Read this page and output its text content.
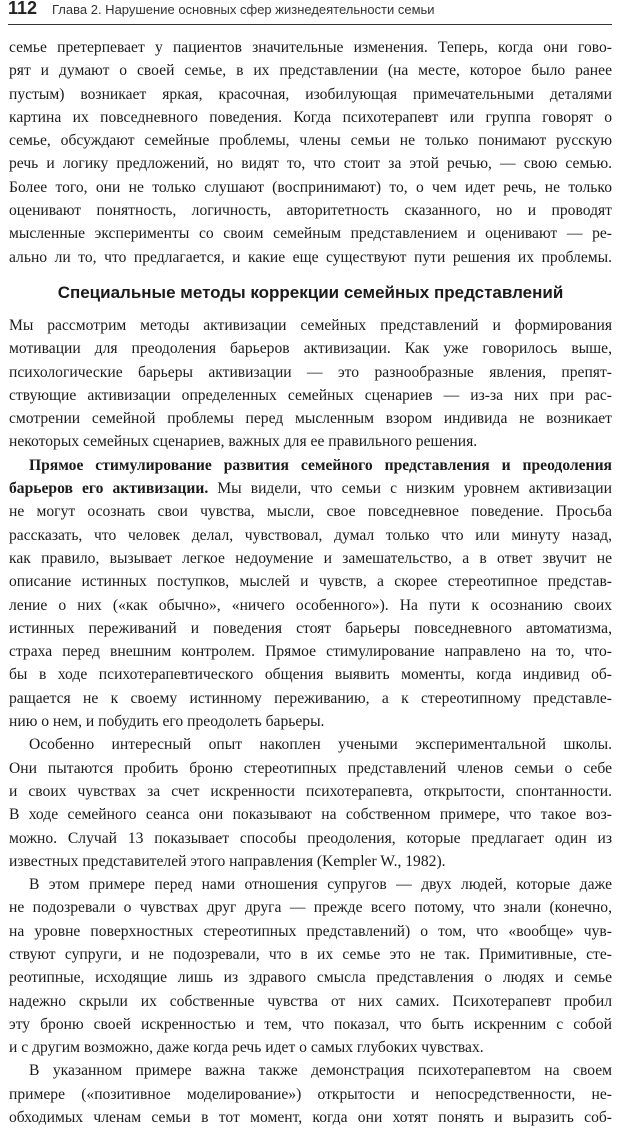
112 Глава 2. Нарушение основных сфер жизнедеятельности семьи
семье претерпевает у пациентов значительные изменения. Теперь, когда они гово-
рят и думают о своей семье, в их представлении (на месте, которое было ранее
пустым) возникает яркая, красочная, изобилующая примечательными деталями
картина их повседневного поведения. Когда психотерапевт или группа говорят о
семье, обсуждают семейные проблемы, члены семьи не только понимают русскую
речь и логику предложений, но видят то, что стоит за этой речью, — свою семью.
Более того, они не только слушают (воспринимают) то, о чем идет речь, не только
оценивают понятность, логичность, авторитетность сказанного, но и проводят
мысленные эксперименты со своим семейным представлением и оценивают — ре-
ально ли то, что предлагается, и какие еще существуют пути решения их проблемы.
Специальные методы коррекции семейных представлений
Мы рассмотрим методы активизации семейных представлений и формирования
мотивации для преодоления барьеров активизации. Как уже говорилось выше,
психологические барьеры активизации — это разнообразные явления, препят-
ствующие активизации определенных семейных сценариев — из-за них при рас-
смотрении семейной проблемы перед мысленным взором индивида не возникает
некоторых семейных сценариев, важных для ее правильного решения.
Прямое стимулирование развития семейного представления и преодоления
барьеров его активизации. Мы видели, что семьи с низким уровнем активизации
не могут осознать свои чувства, мысли, свое повседневное поведение. Просьба
рассказать, что человек делал, чувствовал, думал только что или минуту назад,
как правило, вызывает легкое недоумение и замешательство, а в ответ звучит не
описание истинных поступков, мыслей и чувств, а скорее стереотипное представ-
ление о них («как обычно», «ничего особенного»). На пути к осознанию своих
истинных переживаний и поведения стоят барьеры повседневного автоматизма,
страха перед внешним контролем. Прямое стимулирование направлено на то, что-
бы в ходе психотерапевтического общения выявить моменты, когда индивид об-
ращается не к своему истинному переживанию, а к стереотипному представле-
нию о нем, и побудить его преодолеть барьеры.
Особенно интересный опыт накоплен учеными экспериментальной школы.
Они пытаются пробить броню стереотипных представлений членов семьи о себе
и своих чувствах за счет искренности психотерапевта, открытости, спонтанности.
В ходе семейного сеанса они показывают на собственном примере, что такое воз-
можно. Случай 13 показывает способы преодоления, которые предлагает один из
известных представителей этого направления (Kempler W., 1982).
В этом примере перед нами отношения супругов — двух людей, которые даже
не подозревали о чувствах друг друга — прежде всего потому, что знали (конечно,
на уровне поверхностных стереотипных представлений) о том, что «вообще» чув-
ствуют супруги, и не подозревали, что в их семье это не так. Примитивные, сте-
реотипные, исходящие лишь из здравого смысла представления о людях и семье
надежно скрыли их собственные чувства от них самих. Психотерапевт пробил
эту броню своей искренностью и тем, что показал, что быть искренним с собой
и с другим возможно, даже когда речь идет о самых глубоких чувствах.
В указанном примере важна также демонстрация психотерапевтом на своем
примере («позитивное моделирование») открытости и непосредственности, не-
обходимых членам семьи в тот момент, когда они хотят понять и выразить соб-
